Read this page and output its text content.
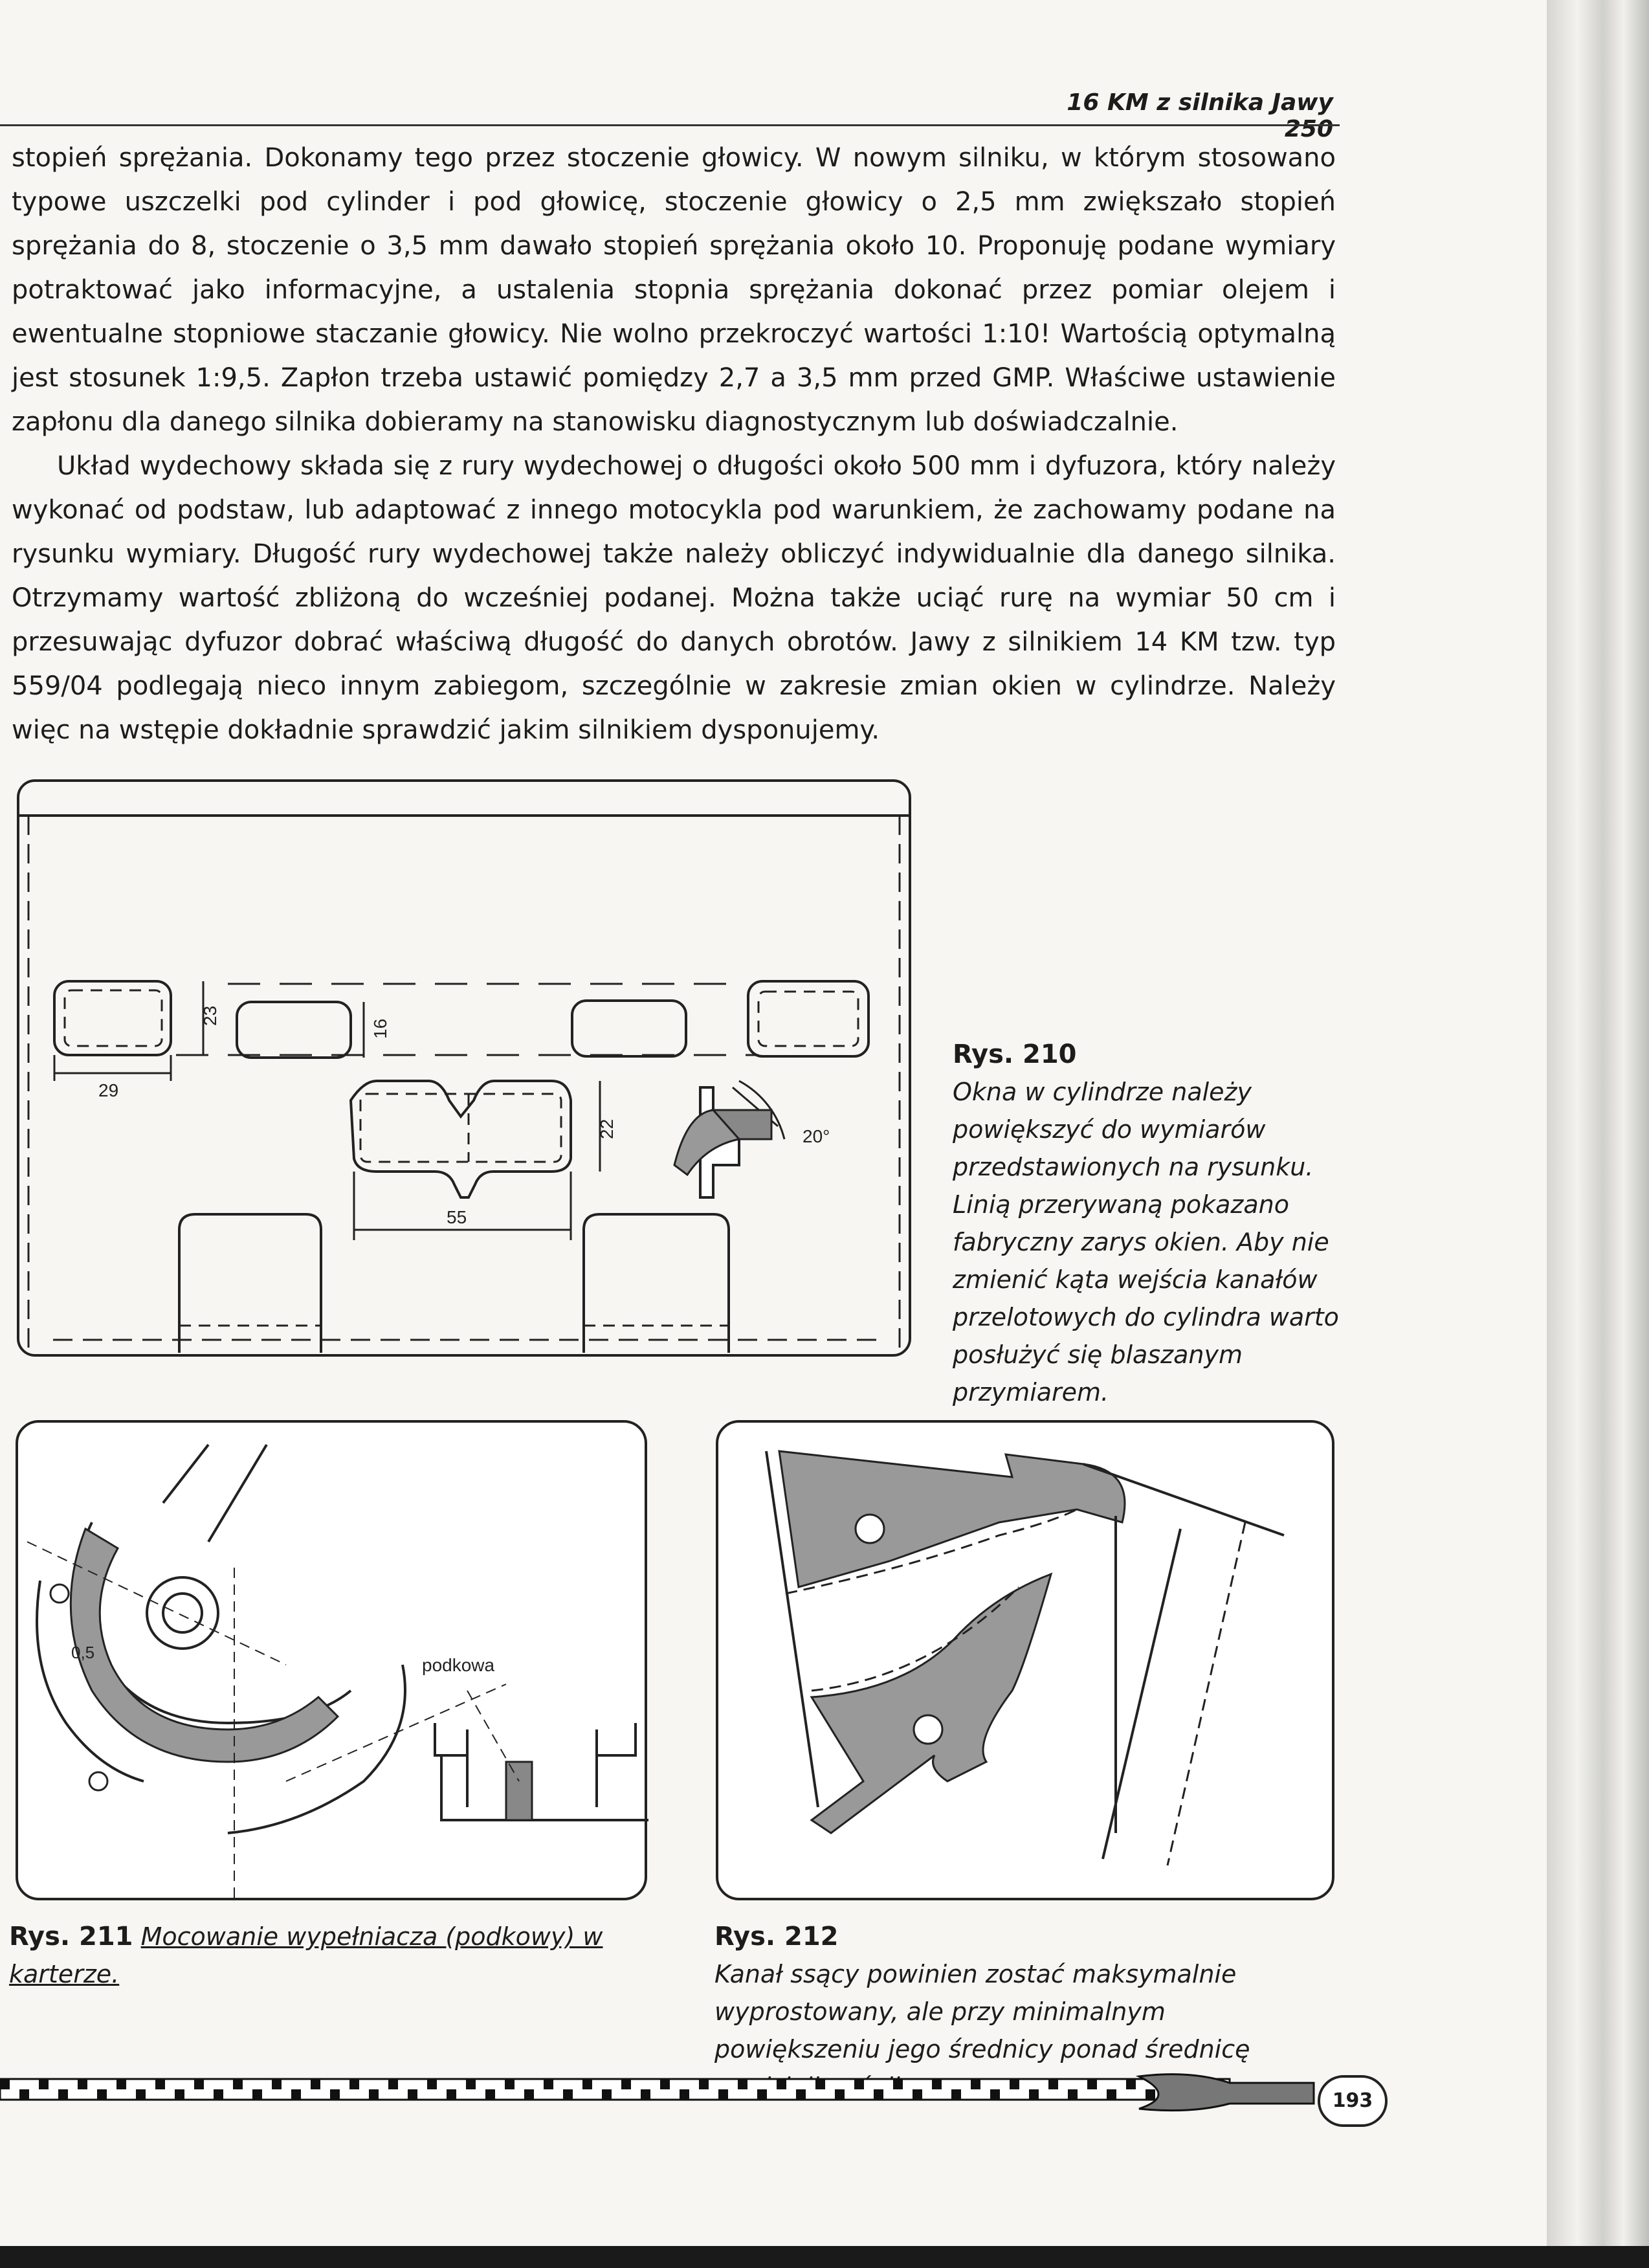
16 KM z silnika Jawy 250

stopień sprężania. Dokonamy tego przez stoczenie głowicy. W nowym silniku, w którym stosowano typowe uszczelki pod cylinder i pod głowicę, stoczenie głowicy o 2,5 mm zwiększało stopień sprężania do 8, stoczenie o 3,5 mm dawało stopień sprężania około 10. Proponuję podane wymiary potraktować jako informacyjne, a ustalenia stopnia sprężania dokonać przez pomiar olejem i ewentualne stopniowe staczanie głowicy. Nie wolno przekroczyć wartości 1:10! Wartością optymalną jest stosunek 1:9,5. Zapłon trzeba ustawić pomiędzy 2,7 a 3,5 mm przed GMP. Właściwe ustawienie zapłonu dla danego silnika dobieramy na stanowisku diagnostycznym lub doświadczalnie.

Układ wydechowy składa się z rury wydechowej o długości około 500 mm i dyfuzora, który należy wykonać od podstaw, lub adaptować z innego motocykla pod warunkiem, że zachowamy podane na rysunku wymiary. Długość rury wydechowej także należy obliczyć indywidualnie dla danego silnika. Otrzymamy wartość zbliżoną do wcześniej podanej. Można także uciąć rurę na wymiar 50 cm i przesuwając dyfuzor dobrać właściwą długość do danych obrotów. Jawy z silnikiem 14 KM tzw. typ 559/04 podlegają nieco innym zabiegom, szczególnie w zakresie zmian okien w cylindrze. Należy więc na wstępie dokładnie sprawdzić jakim silnikiem dysponujemy.

29
23
16
22
55
20°
Rys. 210
Okna w cylindrze należy powiększyć do wymiarów przedstawionych na rysunku. Linią przerywaną pokazano fabryczny zarys okien. Aby nie zmienić kąta wejścia kanałów przelotowych do cylindra warto posłużyć się blaszanym przymiarem.
podkowa
0,5
Rys. 211 Mocowanie wypełniacza (podkowy) w karterze.
Rys. 212
Kanał ssący powinien zostać maksymalnie wyprostowany, ale przy minimalnym powiększeniu jego średnicy ponad średnicę
193
